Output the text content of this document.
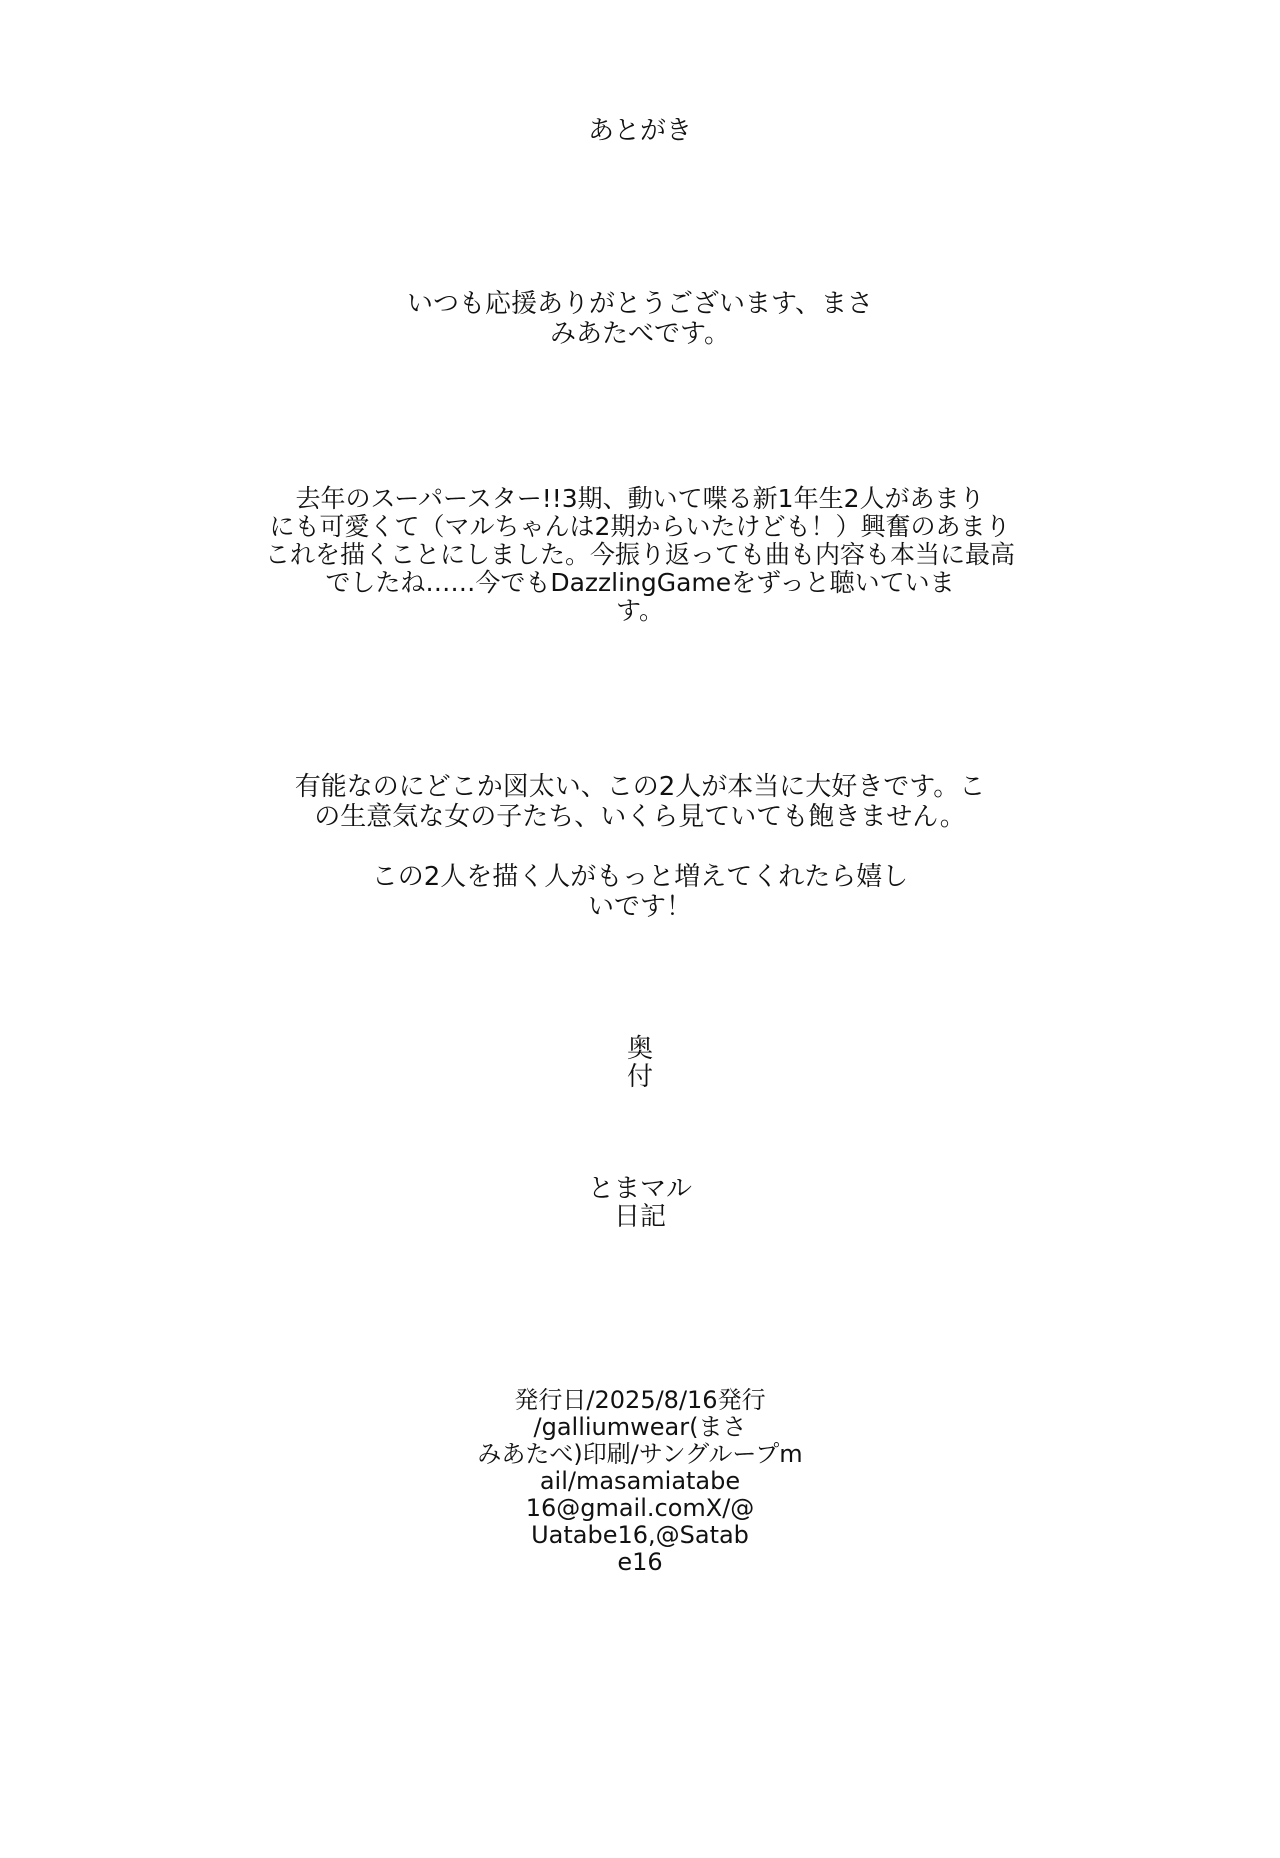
あとがき
いつも応援ありがとうございます、まさ
みあたべです。
去年のスーパースター!!3期、動いて喋る新1年生2人があまり
にも可愛くて（マルちゃんは2期からいたけども！）興奮のあまり
これを描くことにしました。今振り返っても曲も内容も本当に最高
でしたね……今でもDazzlingGameをずっと聴いていま
す。
有能なのにどこか図太い、この2人が本当に大好きです。こ
の生意気な女の子たち、いくら見ていても飽きません。
この2人を描く人がもっと増えてくれたら嬉し
いです！
奥
付
とまマル
日記
発行日/2025/8/16発行
/galliumwear(まさ
みあたべ)印刷/サングループm
ail/masamiatabe
16@gmail.comX/@
Uatabe16,@Satab
e16
